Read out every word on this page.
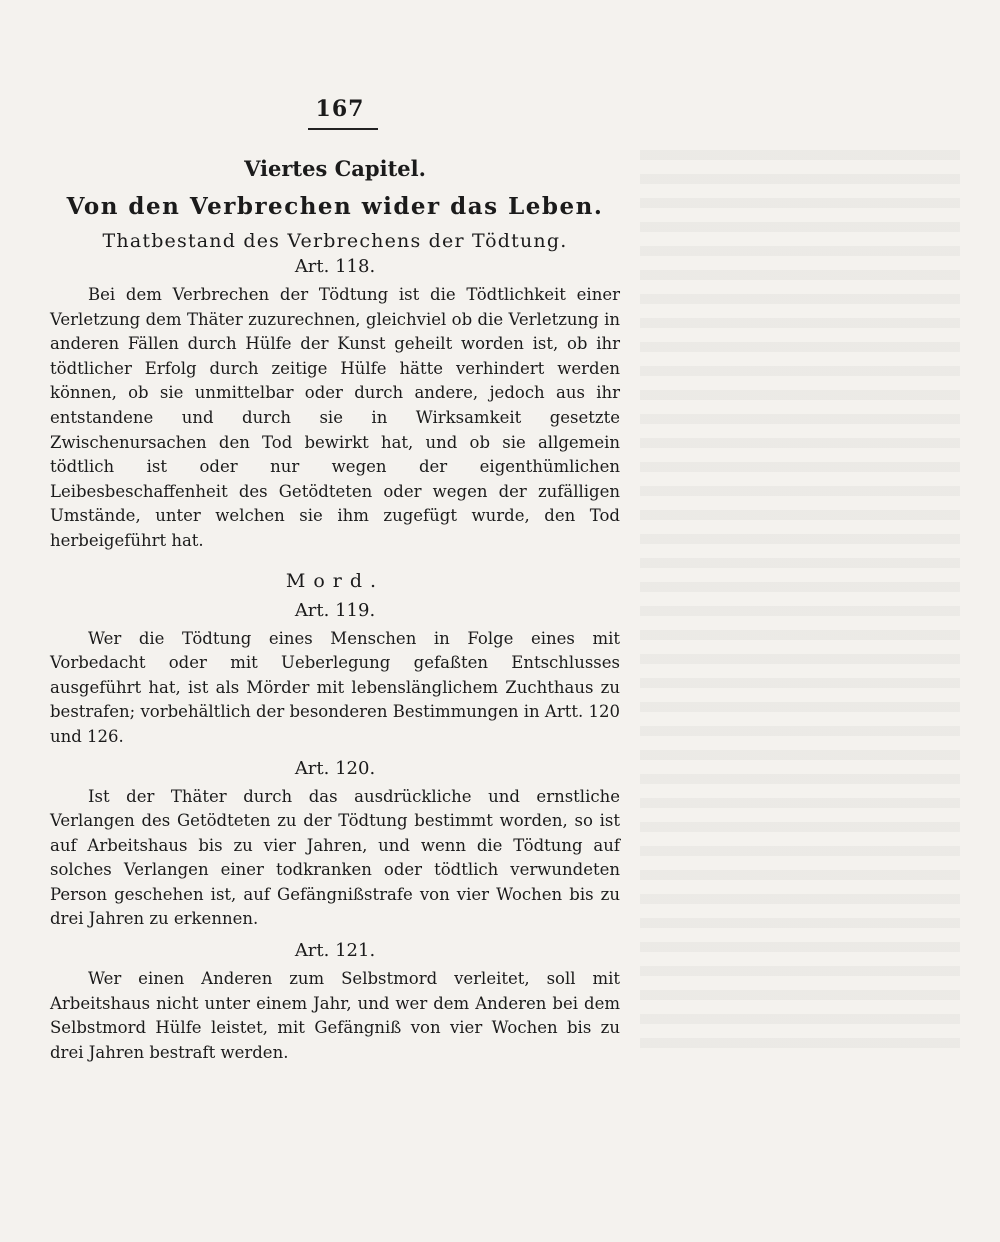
167
Viertes Capitel.
Von den Verbrechen wider das Leben.
Thatbestand des Verbrechens der Tödtung.
Art. 118.

Bei dem Verbrechen der Tödtung ist die Tödtlichkeit einer Verletzung dem Thäter zuzurechnen, gleichviel ob die Verletzung in anderen Fällen durch Hülfe der Kunst geheilt worden ist, ob ihr tödtlicher Erfolg durch zeitige Hülfe hätte verhindert werden können, ob sie unmittelbar oder durch andere, jedoch aus ihr entstandene und durch sie in Wirksamkeit gesetzte Zwischenursachen den Tod bewirkt hat, und ob sie allgemein tödtlich ist oder nur wegen der eigenthümlichen Leibesbeschaffenheit des Getödteten oder wegen der zufälligen Umstände, unter welchen sie ihm zugefügt wurde, den Tod herbeigeführt hat.

Mord.
Art. 119.

Wer die Tödtung eines Menschen in Folge eines mit Vorbedacht oder mit Ueberlegung gefaßten Entschlusses ausgeführt hat, ist als Mörder mit lebenslänglichem Zuchthaus zu bestrafen; vorbehältlich der besonderen Bestimmungen in Artt. 120 und 126.

Art. 120.

Ist der Thäter durch das ausdrückliche und ernstliche Verlangen des Getödteten zu der Tödtung bestimmt worden, so ist auf Arbeitshaus bis zu vier Jahren, und wenn die Tödtung auf solches Verlangen einer todkranken oder tödtlich verwundeten Person geschehen ist, auf Gefängnißstrafe von vier Wochen bis zu drei Jahren zu erkennen.

Art. 121.

Wer einen Anderen zum Selbstmord verleitet, soll mit Arbeitshaus nicht unter einem Jahr, und wer dem Anderen bei dem Selbstmord Hülfe leistet, mit Gefängniß von vier Wochen bis zu drei Jahren bestraft werden.
